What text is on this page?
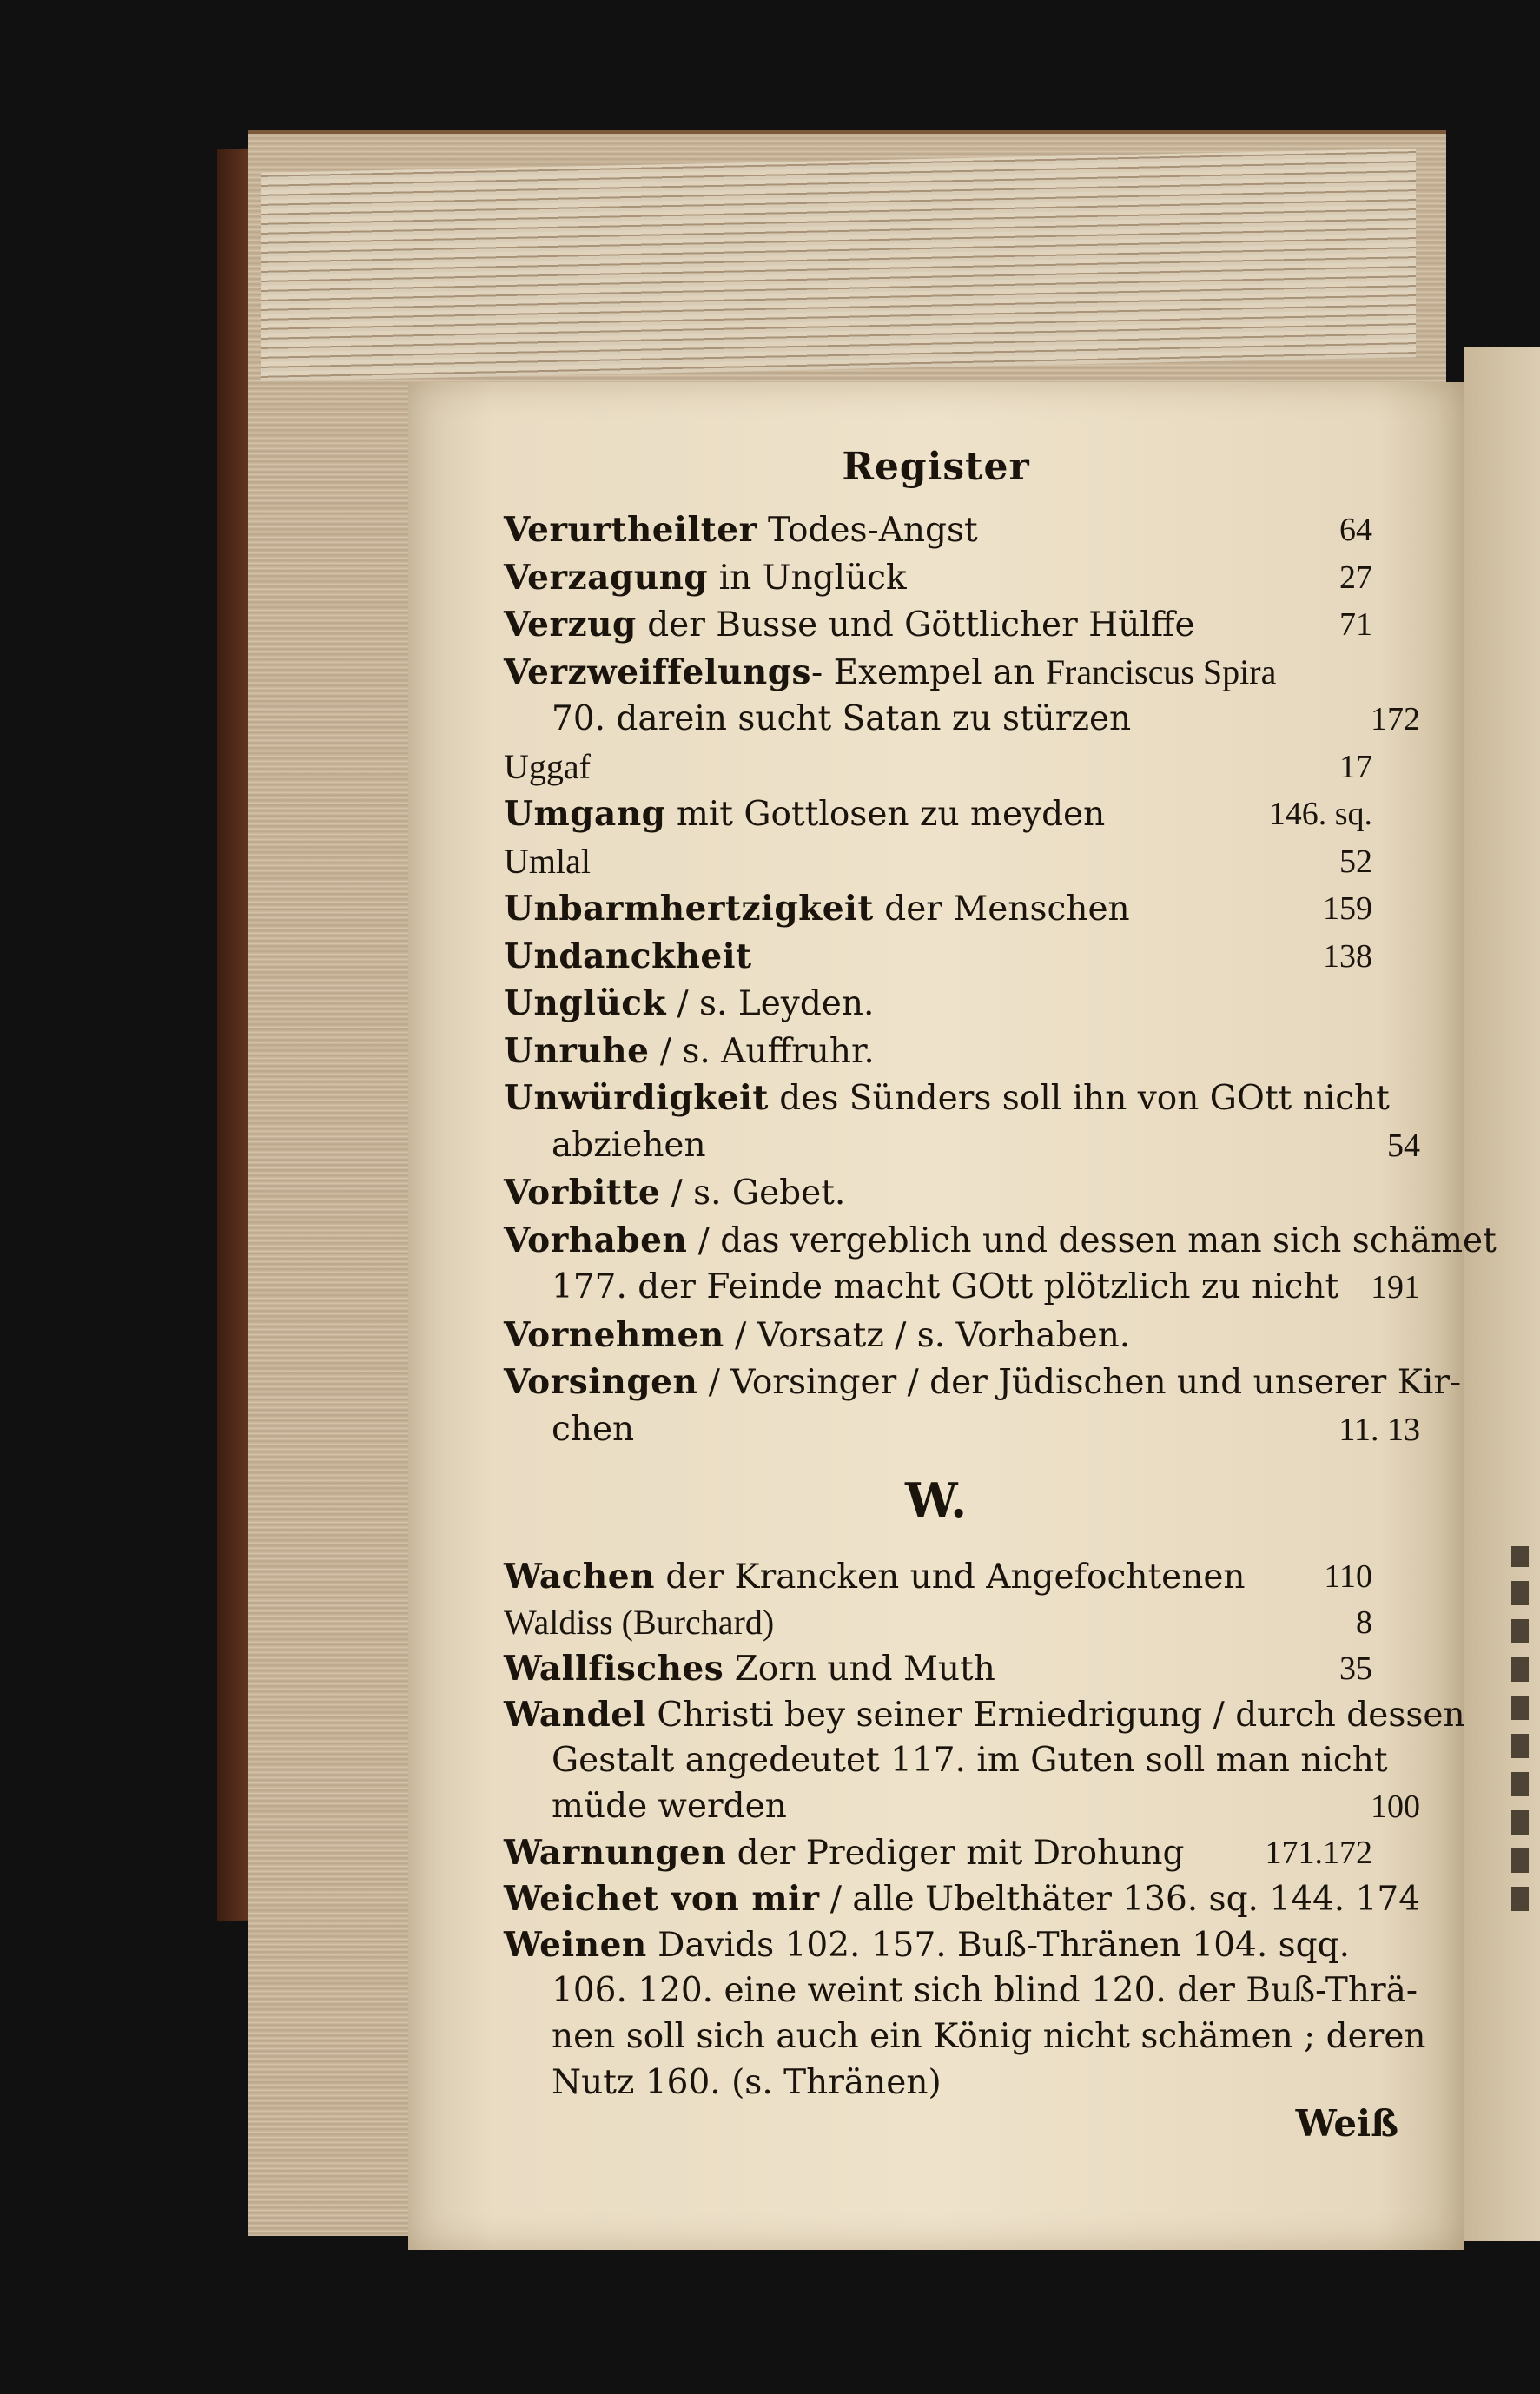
Register
Verurtheilter Todes-Angst	64
Verzagung in Unglück	27
Verzug der Busse und Göttlicher Hülffe	71
Verzweiffelungs- Exempel an Franciscus Spira
70. darein sucht Satan zu stürzen	172
Uggaf	17
Umgang mit Gottlosen zu meyden	146. sq.
Umlal	52
Unbarmhertzigkeit der Menschen	159
Undanckheit	138
Unglück / s. Leyden.
Unruhe / s. Auffruhr.
Unwürdigkeit des Sünders soll ihn von GOtt nicht
abziehen	54
Vorbitte / s. Gebet.
Vorhaben / das vergeblich und dessen man sich schämet
177. der Feinde macht GOtt plötzlich zu nicht 191
Vornehmen / Vorsatz / s. Vorhaben.
Vorsingen / Vorsinger / der Jüdischen und unserer Kir-
chen	11. 13
W.
Wachen der Krancken und Angefochtenen 110
Waldiss (Burchard)	8
Wallfisches Zorn und Muth	35
Wandel Christi bey seiner Erniedrigung / durch dessen
Gestalt angedeutet 117. im Guten soll man nicht
müde werden	100
Warnungen der Prediger mit Drohung 171.172
Weichet von mir / alle Ubelthäter 136. sq. 144. 174
Weinen Davids 102. 157. Buß-Thränen 104. sqq.
106. 120. eine weint sich blind 120. der Buß-Thrä-
nen soll sich auch ein König nicht schämen ; deren
Nutz 160. (s. Thränen)
Weiß
